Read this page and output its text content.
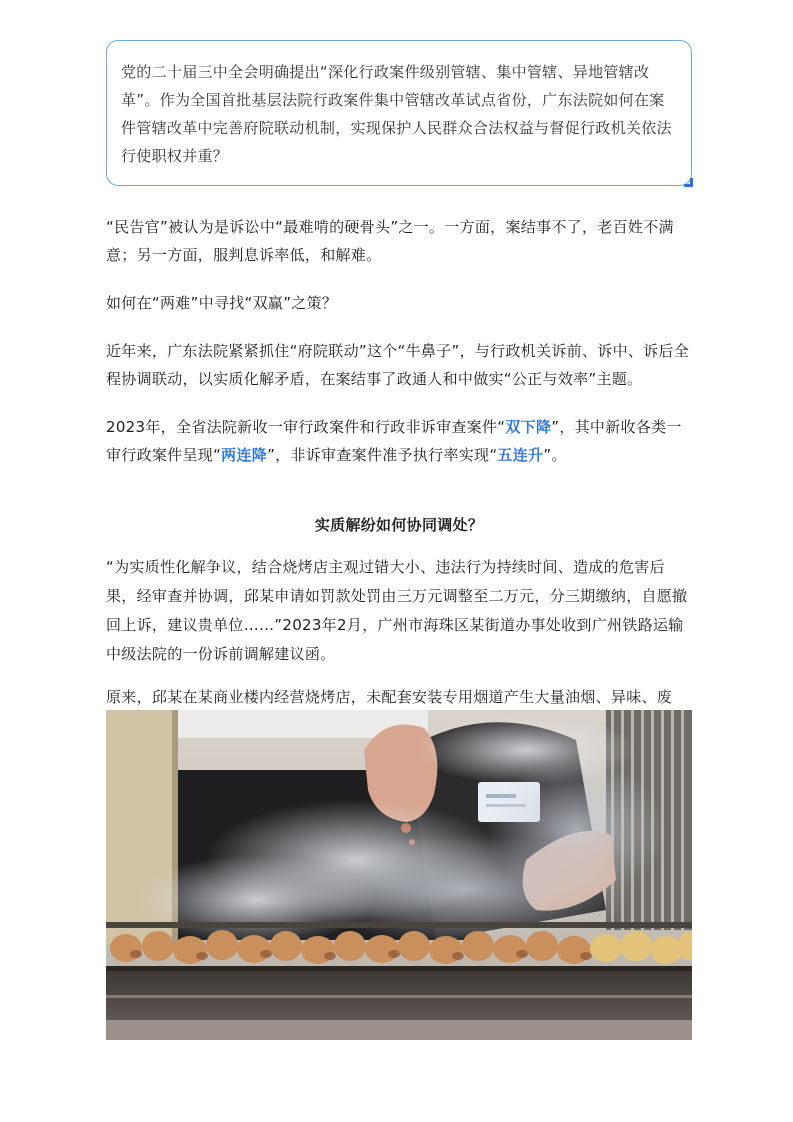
党的二十届三中全会明确提出“深化行政案件级别管辖、集中管辖、异地管辖改革”。作为全国首批基层法院行政案件集中管辖改革试点省份，广东法院如何在案件管辖改革中完善府院联动机制，实现保护人民群众合法权益与督促行政机关依法行使职权并重？

“民告官”被认为是诉讼中“最难啃的硬骨头”之一。一方面，案结事不了，老百姓不满意；另一方面，服判息诉率低，和解难。

如何在“两难”中寻找“双赢”之策？

近年来，广东法院紧紧抓住“府院联动”这个“牛鼻子”，与行政机关诉前、诉中、诉后全程协调联动，以实质化解矛盾，在案结事了政通人和中做实“公正与效率”主题。

2023年，全省法院新收一审行政案件和行政非诉审查案件“双下降”，其中新收各类一审行政案件呈现“两连降”，非诉审查案件准予执行率实现“五连升”。

实质解纷如何协同调处？

“为实质性化解争议，结合烧烤店主观过错大小、违法行为持续时间、造成的危害后果，经审查并协调，邱某申请如罚款处罚由三万元调整至二万元，分三期缴纳，自愿撤回上诉，建议贵单位……”2023年2月，广州市海珠区某街道办事处收到广州铁路运输中级法院的一份诉前调解建议函。

原来，邱某在某商业楼内经营烧烤店，未配套安装专用烟道产生大量油烟、异味、废
